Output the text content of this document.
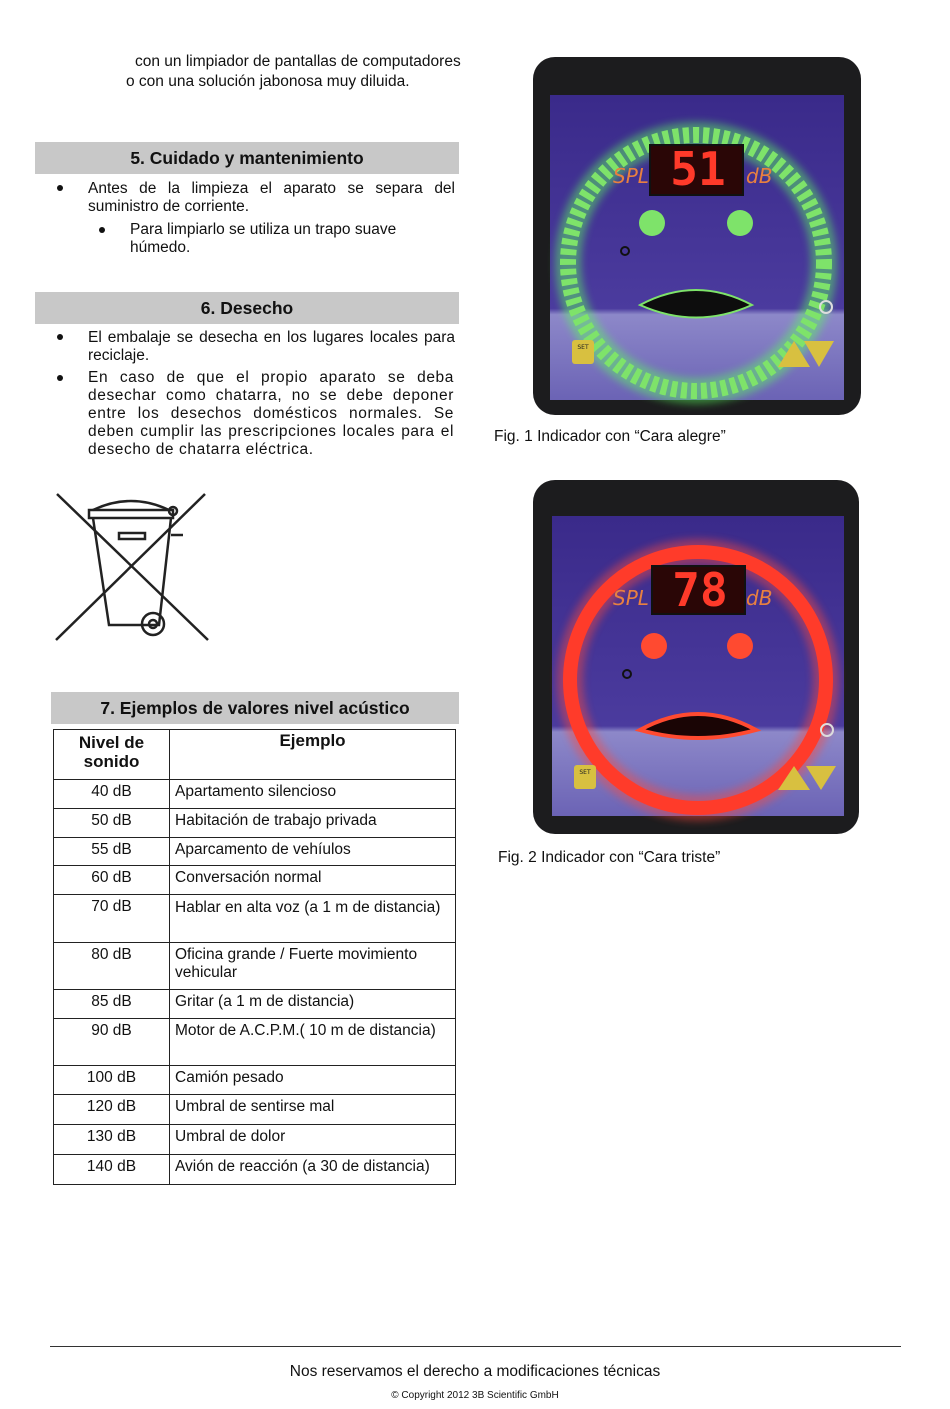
con un limpiador de pantallas de computadores
o con una solución jabonosa muy diluida.
5. Cuidado y mantenimiento
Antes de la limpieza el aparato se separa del suministro de corriente.
Para limpiarlo se utiliza un trapo suave húmedo.
6. Desecho
El embalaje se desecha en los lugares locales para reciclaje.
En caso de que el propio aparato se deba desechar como chatarra, no se debe deponer entre los desechos domésticos normales. Se deben cumplir las prescripciones locales para el desecho de chatarra eléctrica.
7. Ejemplos de valores nivel acústico
Nivel de sonido	Ejemplo
40 dB	Apartamento silencioso
50 dB	Habitación de trabajo privada
55 dB	Aparcamento de vehíulos
60 dB	Conversación normal
70 dB	Hablar en alta voz (a 1 m de distancia)
80 dB	Oficina grande / Fuerte movimiento vehicular
85 dB	Gritar (a 1 m de distancia)
90 dB	Motor de A.C.P.M.( 10 m de distancia)
100 dB	Camión pesado
120 dB	Umbral de sentirse mal
130 dB	Umbral de dolor
140 dB	Avión de reacción (a 30 de distancia)
51
SPL	dB
SET
Fig. 1 Indicador con “Cara alegre”
78
SPL	dB
SET
Fig. 2 Indicador con “Cara triste”
Nos reservamos el derecho a modificaciones técnicas
© Copyright 2012 3B Scientific GmbH
